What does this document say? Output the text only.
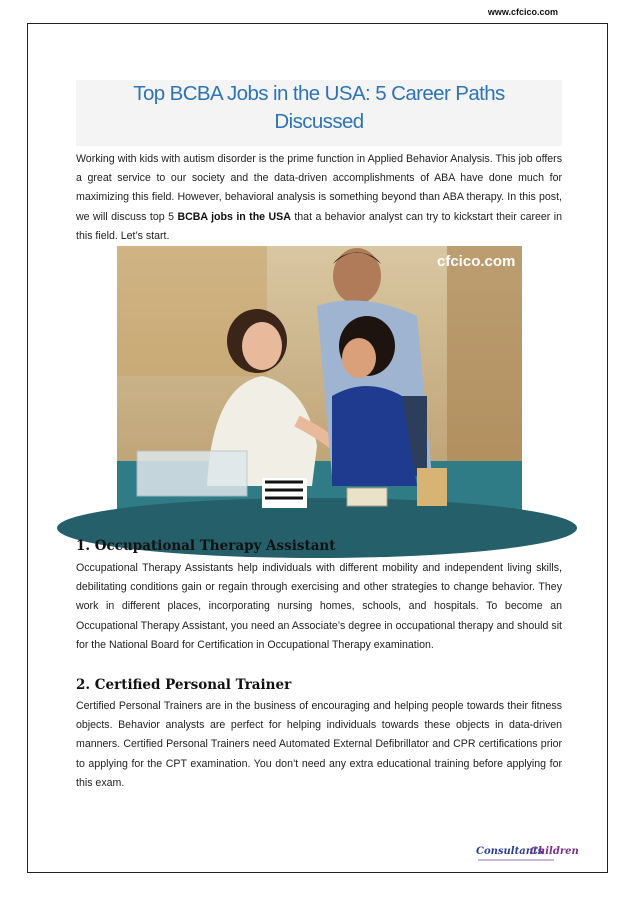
www.cfcico.com
Top BCBA Jobs in the USA: 5 Career Paths
Discussed

Working with kids with autism disorder is the prime function in Applied Behavior Analysis. This job offers a great service to our society and the data-driven accomplishments of ABA have done much for maximizing this field. However, behavioral analysis is something beyond than ABA therapy. In this post, we will discuss top 5 BCBA jobs in the USA that a behavior analyst can try to kickstart their career in this field. Let’s start.

cfcico.com
1. Occupational Therapy Assistant

Occupational Therapy Assistants help individuals with different mobility and independent living skills, debilitating conditions gain or regain through exercising and other strategies to change behavior. They work in different places, incorporating nursing homes, schools, and hospitals. To become an Occupational Therapy Assistant, you need an Associate’s degree in occupational therapy and should sit for the National Board for Certification in Occupational Therapy examination.

2. Certified Personal Trainer

Certified Personal Trainers are in the business of encouraging and helping people towards their fitness objects. Behavior analysts are perfect for helping individuals towards these objects in data-driven manners. Certified Personal Trainers need Automated External Defibrillator and CPR certifications prior to applying for the CPT examination. You don’t need any extra educational training before applying for this exam.

Consultants
Children
